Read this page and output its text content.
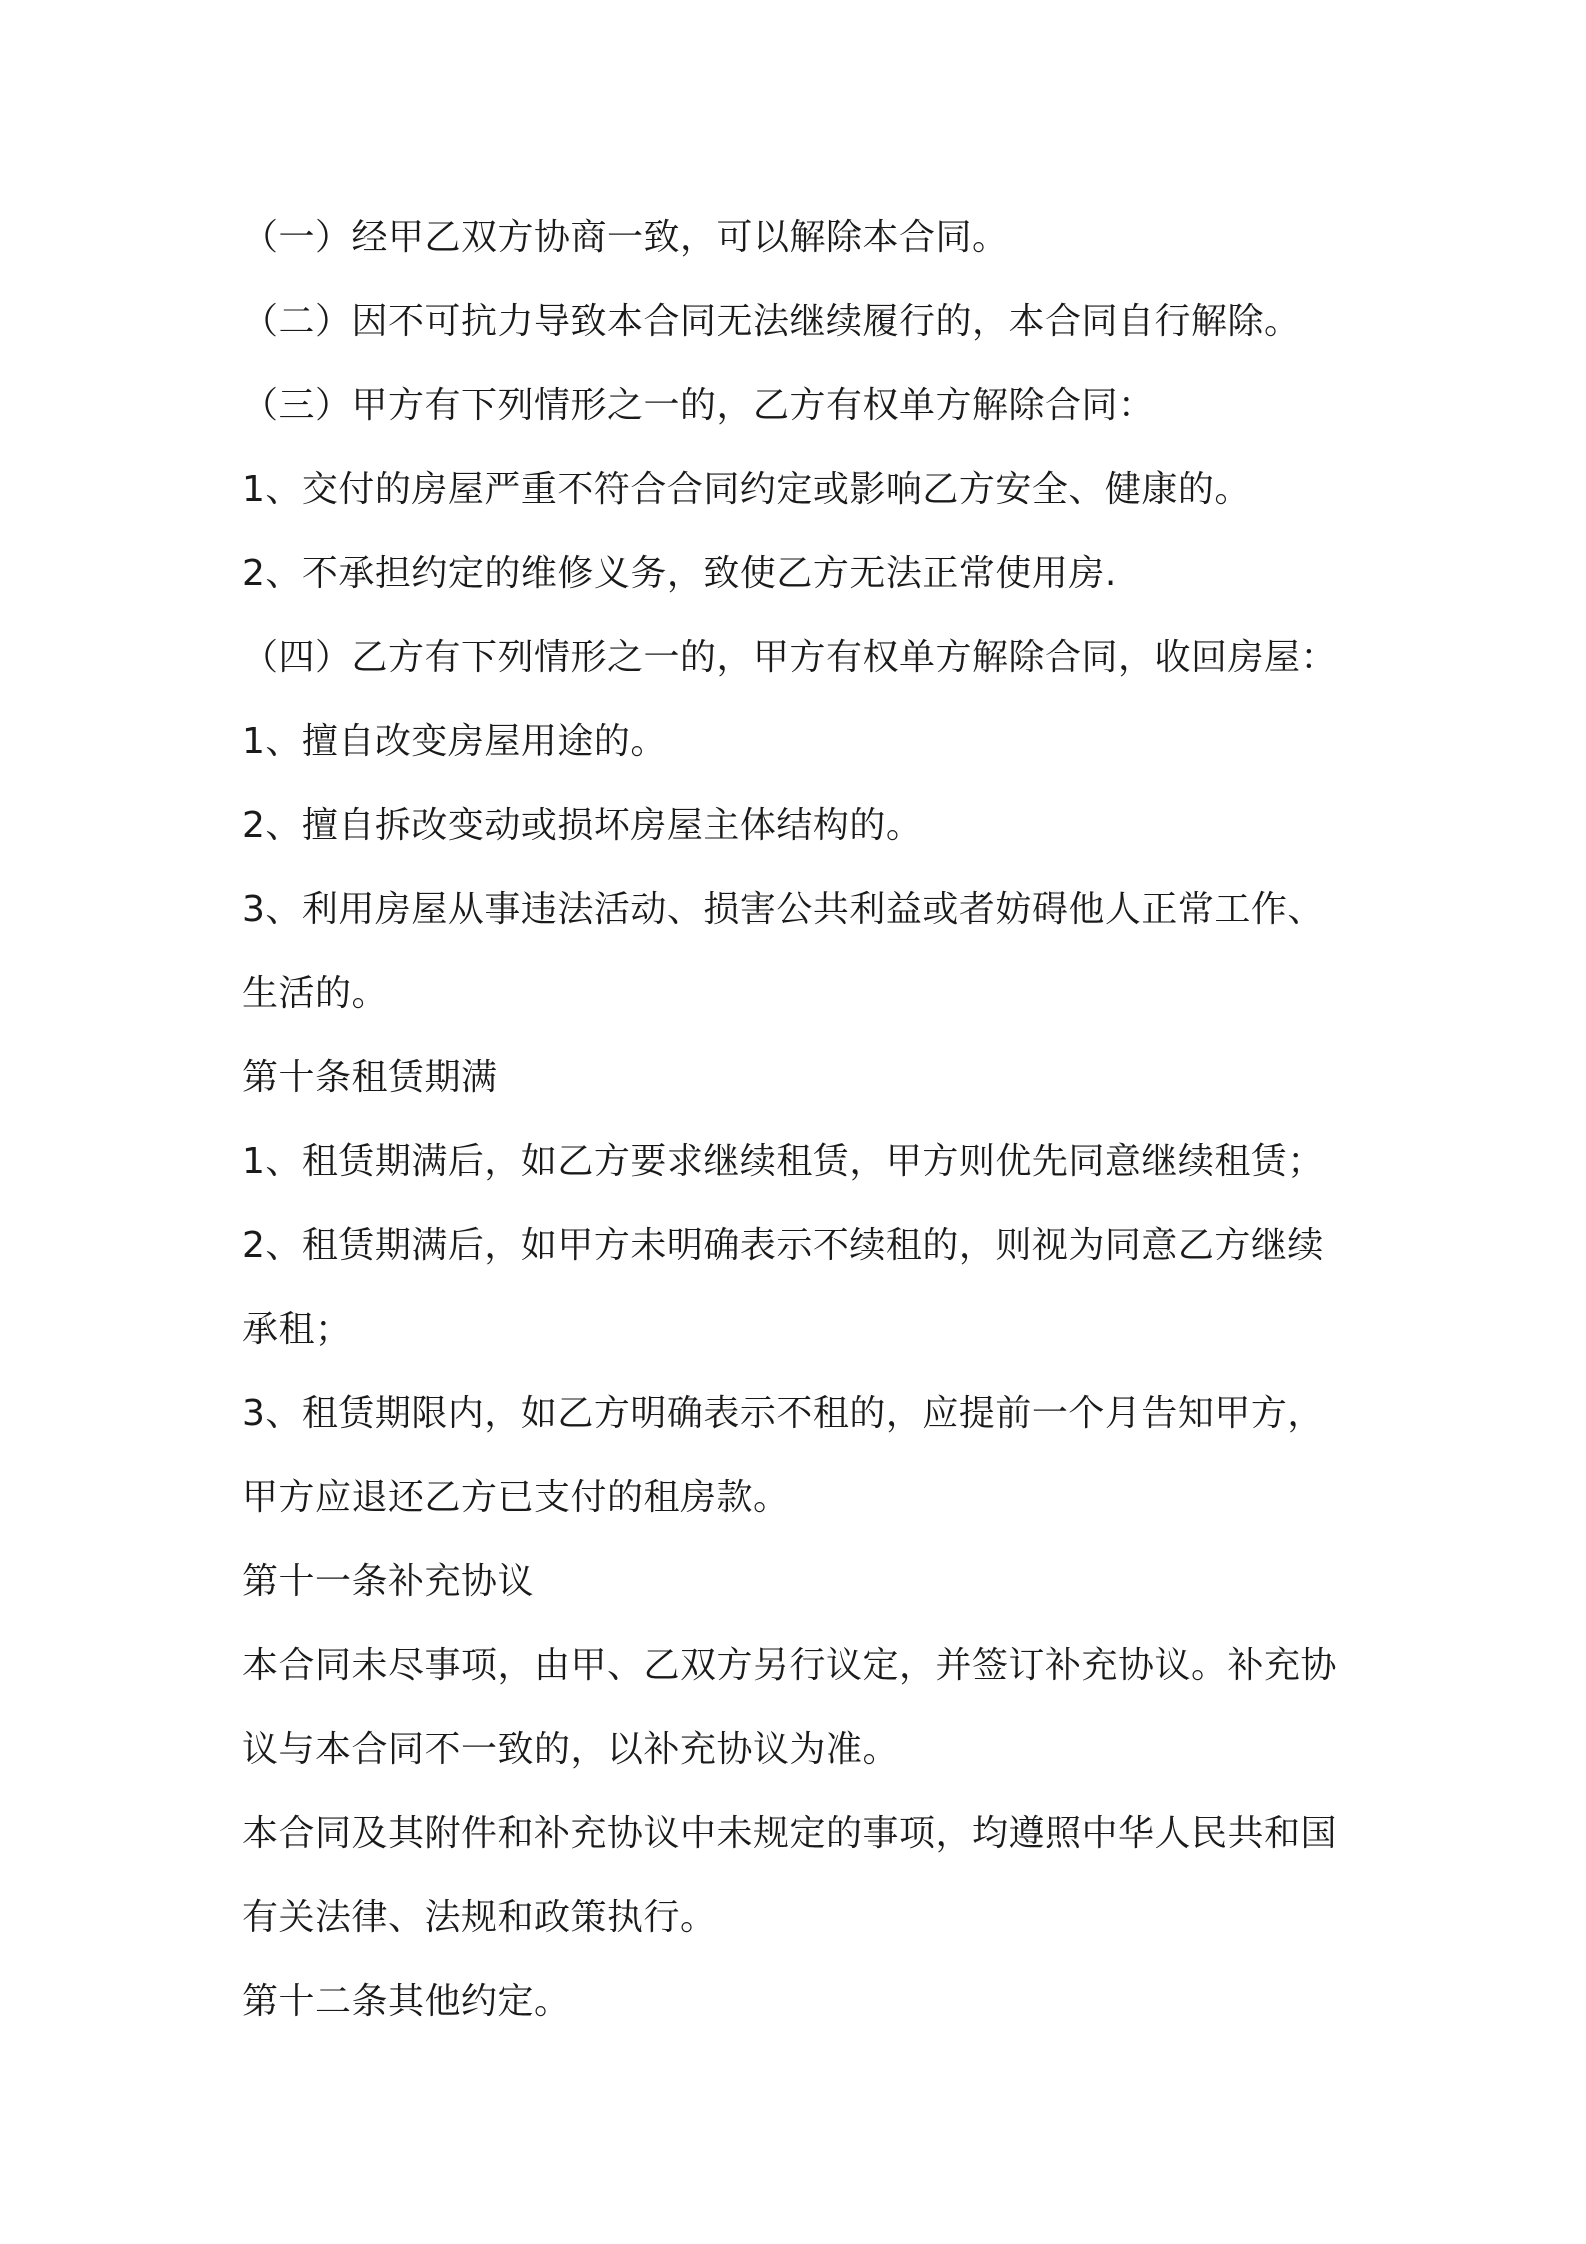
（一）经甲乙双方协商一致，可以解除本合同。
（二）因不可抗力导致本合同无法继续履行的，本合同自行解除。
（三）甲方有下列情形之一的，乙方有权单方解除合同：
1、交付的房屋严重不符合合同约定或影响乙方安全、健康的。
2、不承担约定的维修义务，致使乙方无法正常使用房.
（四）乙方有下列情形之一的，甲方有权单方解除合同，收回房屋：
1、擅自改变房屋用途的。
2、擅自拆改变动或损坏房屋主体结构的。
3、利用房屋从事违法活动、损害公共利益或者妨碍他人正常工作、
生活的。
第十条租赁期满
1、租赁期满后，如乙方要求继续租赁，甲方则优先同意继续租赁；
2、租赁期满后，如甲方未明确表示不续租的，则视为同意乙方继续
承租；
3、租赁期限内，如乙方明确表示不租的，应提前一个月告知甲方，
甲方应退还乙方已支付的租房款。
第十一条补充协议
本合同未尽事项，由甲、乙双方另行议定，并签订补充协议。补充协
议与本合同不一致的，以补充协议为准。
本合同及其附件和补充协议中未规定的事项，均遵照中华人民共和国
有关法律、法规和政策执行。
第十二条其他约定。
